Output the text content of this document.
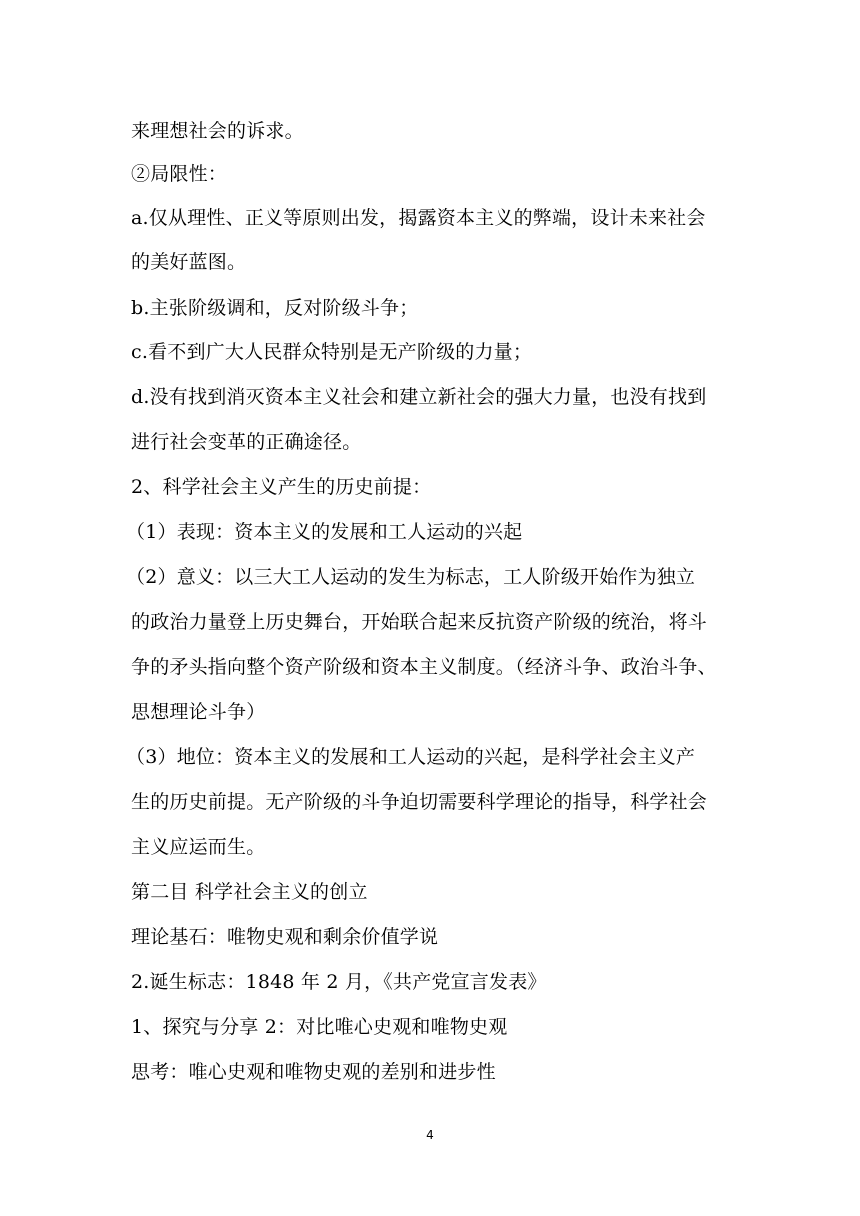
来理想社会的诉求。
②局限性：
a.仅从理性、正义等原则出发，揭露资本主义的弊端，设计未来社会
的美好蓝图。
b.主张阶级调和，反对阶级斗争；
c.看不到广大人民群众特别是无产阶级的力量；
d.没有找到消灭资本主义社会和建立新社会的强大力量，也没有找到
进行社会变革的正确途径。
2、科学社会主义产生的历史前提：
（1）表现：资本主义的发展和工人运动的兴起
（2）意义：以三大工人运动的发生为标志，工人阶级开始作为独立
的政治力量登上历史舞台，开始联合起来反抗资产阶级的统治，将斗
争的矛头指向整个资产阶级和资本主义制度。（经济斗争、政治斗争、
思想理论斗争）
（3）地位：资本主义的发展和工人运动的兴起，是科学社会主义产
生的历史前提。无产阶级的斗争迫切需要科学理论的指导，科学社会
主义应运而生。
第二目 科学社会主义的创立
理论基石：唯物史观和剩余价值学说
2.诞生标志：1848 年 2 月，《共产党宣言发表》
1、探究与分享 2：对比唯心史观和唯物史观
思考：唯心史观和唯物史观的差别和进步性
4
